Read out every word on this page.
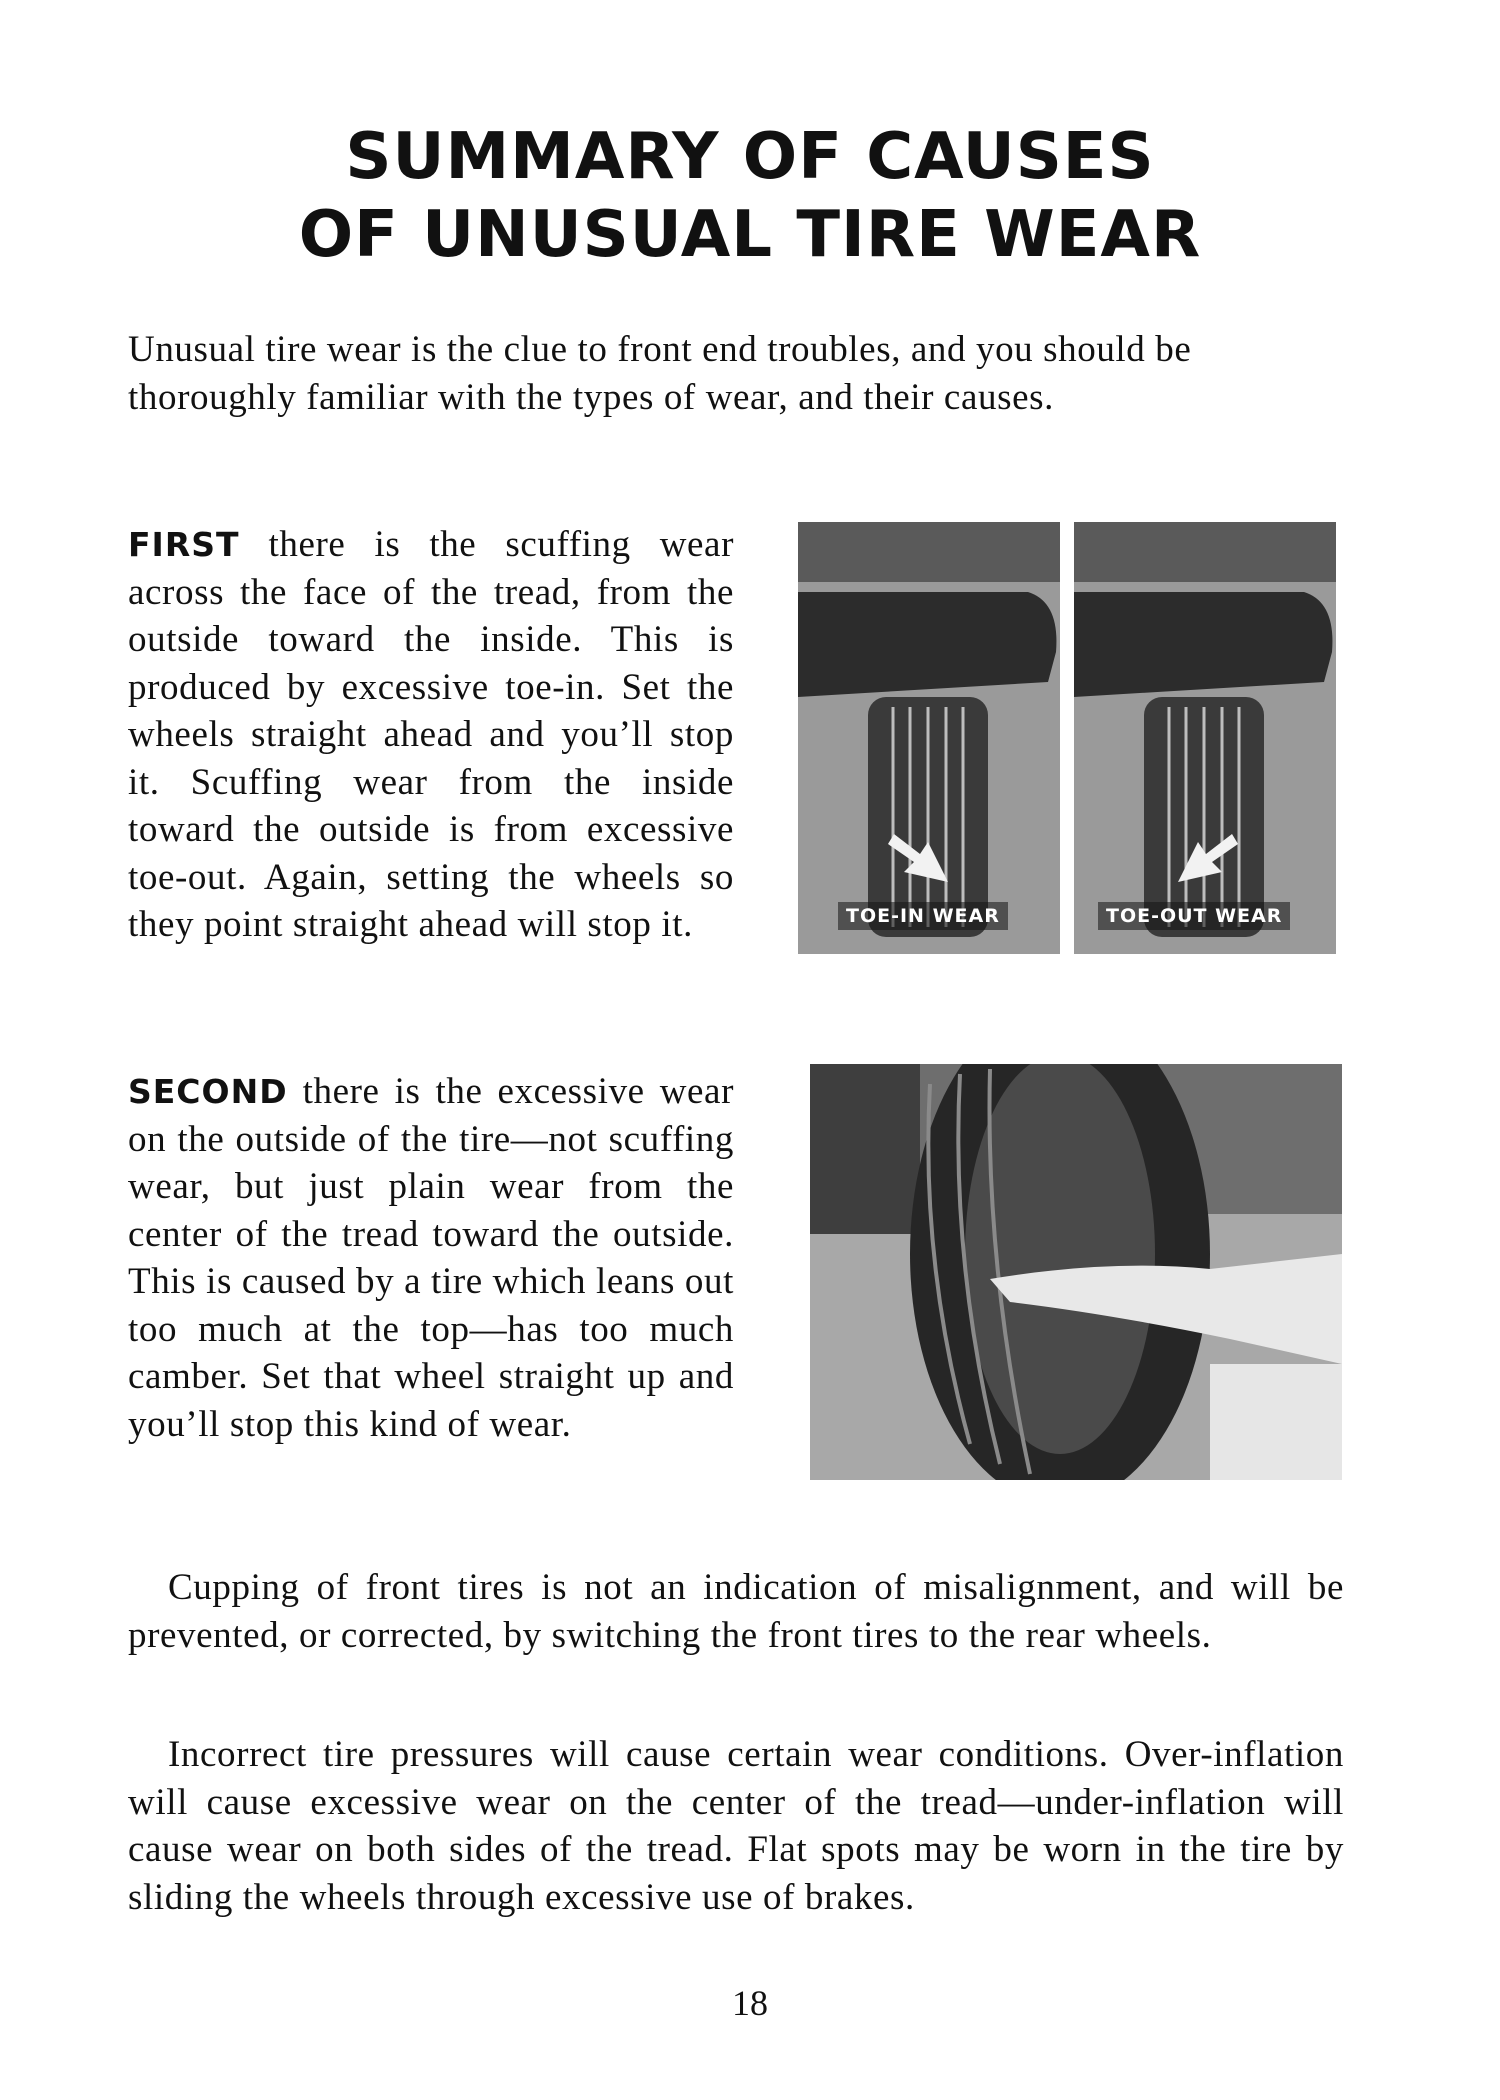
SUMMARY OF CAUSES
OF UNUSUAL TIRE WEAR

Unusual tire wear is the clue to front end troubles, and you should be thoroughly familiar with the types of wear, and their causes.

FIRST there is the scuffing wear across the face of the tread, from the outside toward the inside. This is produced by excessive toe-in. Set the wheels straight ahead and you’ll stop it. Scuffing wear from the inside toward the outside is from excessive toe-out. Again, setting the wheels so they point straight ahead will stop it.	TOE-IN WEAR	TOE-OUT WEAR

SECOND there is the excessive wear on the outside of the tire—not scuffing wear, but just plain wear from the center of the tread toward the outside. This is caused by a tire which leans out too much at the top—has too much camber. Set that wheel straight up and you’ll stop this kind of wear.

Cupping of front tires is not an indication of misalignment, and will be prevented, or corrected, by switching the front tires to the rear wheels.

Incorrect tire pressures will cause certain wear conditions. Over-inflation will cause excessive wear on the center of the tread—under-inflation will cause wear on both sides of the tread. Flat spots may be worn in the tire by sliding the wheels through excessive use of brakes.

18
